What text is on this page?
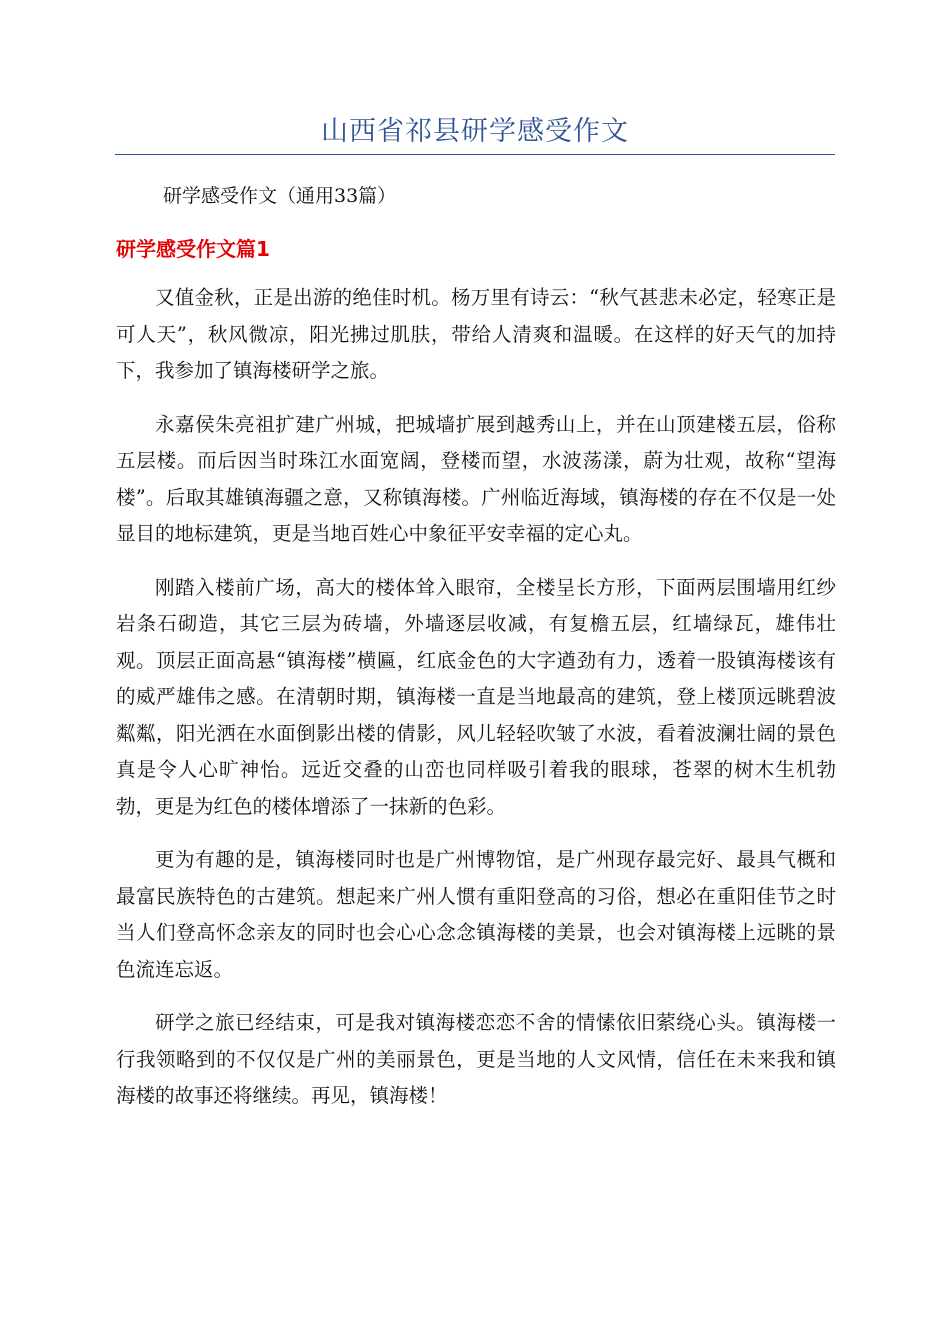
山西省祁县研学感受作文
研学感受作文（通用33篇）
研学感受作文篇1

又值金秋，正是出游的绝佳时机。杨万里有诗云：“秋气甚悲未必定，轻寒正是可人天”，秋风微凉，阳光拂过肌肤，带给人清爽和温暖。在这样的好天气的加持下，我参加了镇海楼研学之旅。

永嘉侯朱亮祖扩建广州城，把城墙扩展到越秀山上，并在山顶建楼五层，俗称五层楼。而后因当时珠江水面宽阔，登楼而望，水波荡漾，蔚为壮观，故称“望海楼”。后取其雄镇海疆之意，又称镇海楼。广州临近海域，镇海楼的存在不仅是一处显目的地标建筑，更是当地百姓心中象征平安幸福的定心丸。

刚踏入楼前广场，高大的楼体耸入眼帘，全楼呈长方形，下面两层围墙用红纱岩条石砌造，其它三层为砖墙，外墙逐层收减，有复檐五层，红墙绿瓦，雄伟壮观。顶层正面高悬“镇海楼”横匾，红底金色的大字遒劲有力，透着一股镇海楼该有的威严雄伟之感。在清朝时期，镇海楼一直是当地最高的建筑，登上楼顶远眺碧波粼粼，阳光洒在水面倒影出楼的倩影，风儿轻轻吹皱了水波，看着波澜壮阔的景色真是令人心旷神怡。远近交叠的山峦也同样吸引着我的眼球，苍翠的树木生机勃勃，更是为红色的楼体增添了一抹新的色彩。

更为有趣的是，镇海楼同时也是广州博物馆，是广州现存最完好、最具气概和最富民族特色的古建筑。想起来广州人惯有重阳登高的习俗，想必在重阳佳节之时当人们登高怀念亲友的同时也会心心念念镇海楼的美景，也会对镇海楼上远眺的景色流连忘返。

研学之旅已经结束，可是我对镇海楼恋恋不舍的情愫依旧萦绕心头。镇海楼一行我领略到的不仅仅是广州的美丽景色，更是当地的人文风情，信任在未来我和镇海楼的故事还将继续。再见，镇海楼！
